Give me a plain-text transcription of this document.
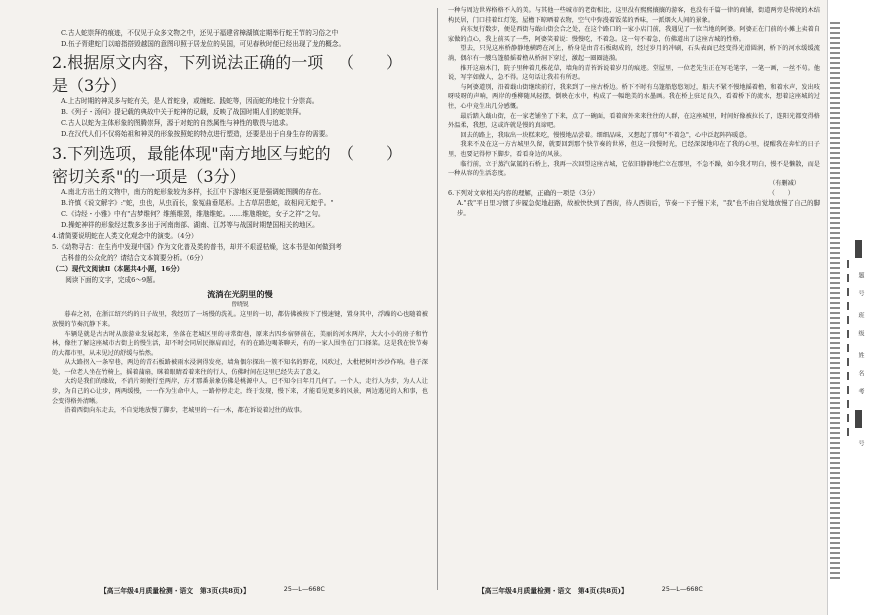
C.古人蛇崇拜的痕迹，不仅见于众多文物之中，还见于福建省樟湖镇定期举行蛇王节的习俗之中

D.伍子胥建蛇门以暗指搭毁越国的意图印照于居龙位的吴国，可见春秋时便已经出现了龙的概念。

2.根据原文内容，下列说法正确的一项是（3分）
（　　）

A.上古时期的神灵多与蛇有关，是人首蛇身，或缠蛇、践蛇等，因而蛇的地位十分崇高。

B.《列子・汤问》提记载的典故中关于蛇神的记载，反映了战国时期人们的蛇崇拜。

C.古人以蛇为主体形象的图腾崇拜，源于对蛇的自然属性与神性的敬畏与追求。

D.在汉代人们不仅将始祖和神灵的形象按照蛇的特点进行塑造，还要是出于自身生存的需要。

3.下列选项，最能体现"南方地区与蛇的密切关系"的一项是（3分）
（　　）

A.南北方出土的文物中，南方的蛇形象较为多样，长江中下游地区更是强调蛇图腾的存在。

B.许慎《说文解字》:"蛇，虫也，从虫而长，象冤曲垂尾形。上古草居患蛇，故相问无蛇乎。"

C.《诗经・小雅》中有"吉梦维何？维熊维罴，维虺维蛇。……维虺维蛇，女子之祥"之句。

D.操蛇神祥的形象经过数多多出于河南南部、湖南、江苏等与战国时期楚国相关的地区。

4.请简要说明蛇在人类文化观念中的演变。（4分）

5.《动物寻古：在生肖中发现中国》作为文化普及类的普书，却并不艰涩枯燥，这本书是如何做到考

古科普的公众化的？请结合文本简要分析。（6分）

（二）现代文阅读Ⅱ（本题共4小题，16分）

阅读下面的文字，完成6～9题。

流淌在光阴里的慢

曾晓锐

暮春之初，在浙江绍兴约的日子故里，我经历了一场慢的洗礼。这里的一切，都仿佛被按下了慢速键，置身其中，浮躁的心也随着被放慢的节奏沉静下来。

车辆是就是古古时从旅游业发展起来，坐落在老城区里的寻常街巷，原来古四乡宿驿前在，美丽的河水两岸，大大小小的房子和竹林，像往了解这座城市古街上的慢生活，却不时会同居民擦肩而过，有的在路边喝茶聊天，有的一家人围坐在门口择菜。这是我在快节奏的大都市里，从未见过的舒缓与怡然。

从大路拐入一条窄巷，两边的青石板路被雨水浸润得发亮，墙角偶尔探出一簇不知名的野花，风吹过，大枇杷树叶沙沙作响。巷子深处，一位老人坐在竹椅上，摇着蒲扇，眯着眼睛看着来往的行人，仿佛时间在这里已经失去了意义。

大约是我们的缘故，不消片刻便行至两岸，方才那番景象仿佛是桃源中人，已不知今日年月几何了。一个人，走行人为步，为人人让步，为自己的心让步，两两缓慢，一一作为生命中人，一路停停走走，终于发现，慢下来，才能看见更多的风景，两边遇见的人和事，也会变得格外清晰。

沿着西街向东走去，不自觉地放慢了脚步，老城里的一石一木，都在诉说着过往的故事。

一种与周边世界格格不入的美。与其他一些城市的老街相比，这里没有熙熙攘攘的游客，也没有千篇一律的商铺，街道两旁是传统的木结构民居，门口挂着红灯笼，屋檐下晾晒着衣物，空气中弥漫着饭菜的香味，一派烟火人间的景象。

向东复行数步，便是西街与蕺山街会合之处，在这个路口的一家小店门前，我遇见了一位当地的阿婆。阿婆正在门前的小摊上卖着自家做的点心，我上前买了一些，阿婆笑着说：慢慢吃，不着急。这一句不着急，仿佛道出了这座古城的性格。

望去，只见这座桥静静地横跨在河上，桥身是由青石板砌成的，经过岁月的冲刷，石头表面已经变得光滑圆润，桥下的河水缓缓流淌，偶尔有一艘乌篷船摇着橹从桥洞下穿过，激起一圈圈涟漪。

推开这扇木门，院子里种着几株花草，墙角的青苔诉说着岁月的痕迹。堂屋里，一位老先生正在写毛笔字，一笔一画，一丝不苟。他说，写字如做人，急不得。这句话让我若有所思。

与阿婆道别，沿着蕺山街继续前行，我来到了一座古桥边。桥下不时有乌篷船悠悠划过，船夫不紧不慢地摇着橹，和着水声，发出吱呀吱呀的声响，两岸的垂柳随风轻摆，倒映在水中，构成了一幅绝美的水墨画。我在桥上驻足良久，看着桥下的流水，想着这座城的过往，心中竟生出几分感慨。

最后踏入蕺山街，在一家老铺坐了下来，点了一碗面，看着窗外来来往往的人群，在这座城里，时间好像被拉长了，连阳光都变得格外温柔，我想，这或许就是慢的真谛吧。

回去的路上，我取出一块糕来吃，慢慢地品尝着。细细品味，又想起了那句"不着急"，心中泛起阵阵暖意。

我来不及在这一方古城里久留，就要回到那个快节奏的世界，但这一段慢时光，已经深深地印在了我的心里，提醒我在奔忙的日子里，也要记得停下脚步，看看身边的风景。

临行前，立于蒸汽氤氲的石桥上，我再一次回望这座古城，它依旧静静地伫立在那里，不急不躁，如今我才明白，慢不是懒散，而是一种从容的生活态度。

（有删减）

6.下列对文章相关内容的理解，正确的一项是（3分）	（　　）

A."我"平日里习惯了步履急促地赶路，故被快快到了西街，待人西街后，节奏一下子慢下来，"我"也不由自觉地放慢了自己的脚步。

【高三年级4月质量检测・语文　第3页(共8页)】	25—L—668C	【高三年级4月质量检测・语文　第4页(共8页)】	25—L—668C
题
号
班
级
姓
名
考
号
